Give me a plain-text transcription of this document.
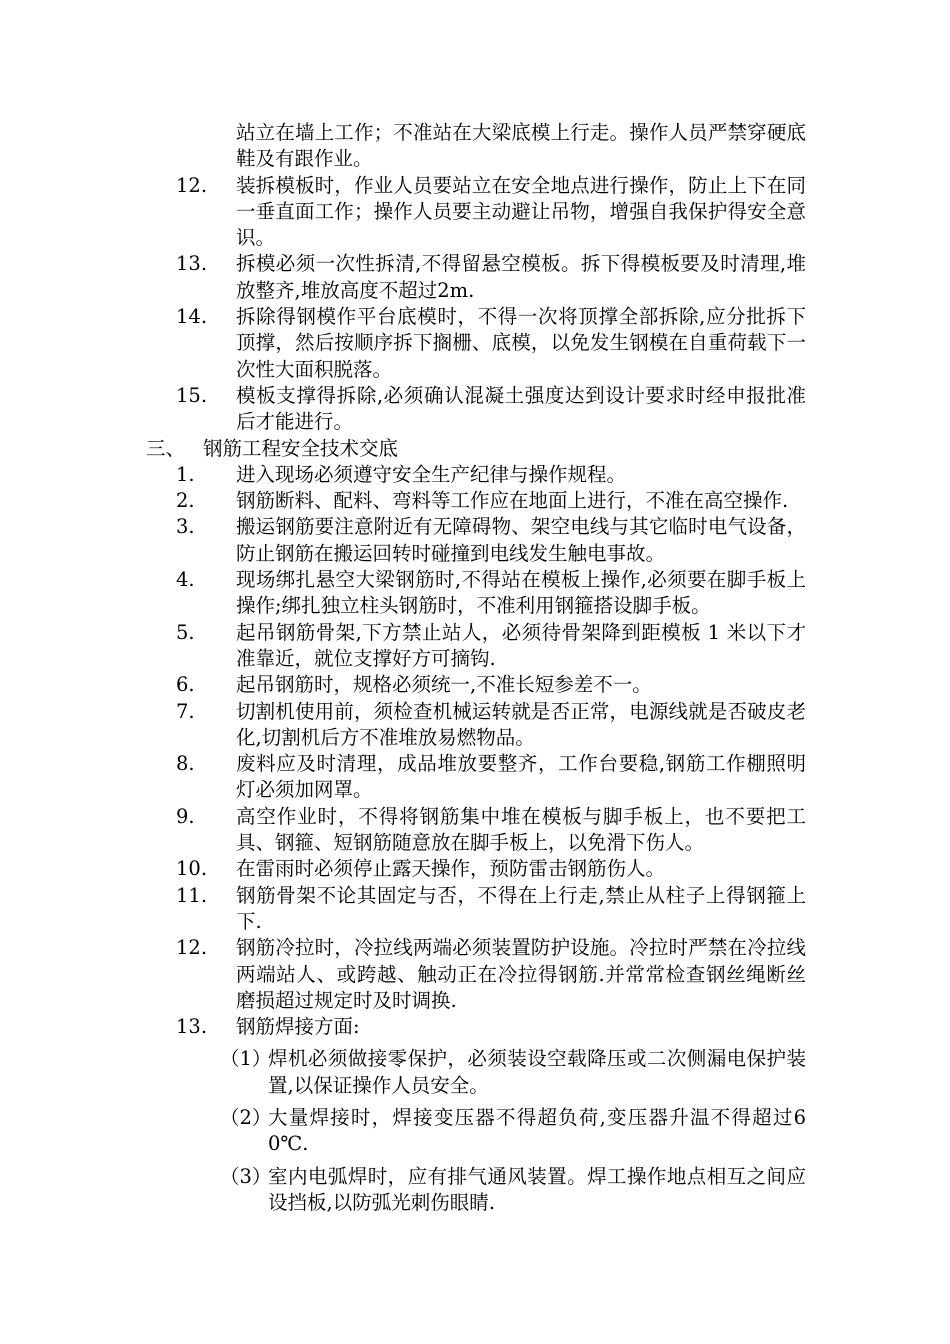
站立在墙上工作；不准站在大梁底模上行走。操作人员严禁穿硬底鞋及有跟作业。
12. 装拆模板时，作业人员要站立在安全地点进行操作，防止上下在同一垂直面工作；操作人员要主动避让吊物，增强自我保护得安全意识。
13. 拆模必须一次性拆清,不得留悬空模板。拆下得模板要及时清理,堆放整齐,堆放高度不超过2m.
14. 拆除得钢模作平台底模时，不得一次将顶撑全部拆除,应分批拆下顶撑，然后按顺序拆下搁栅、底模，以免发生钢模在自重荷载下一次性大面积脱落。
15. 模板支撑得拆除,必须确认混凝土强度达到设计要求时经申报批准后才能进行。
三、 钢筋工程安全技术交底
1. 进入现场必须遵守安全生产纪律与操作规程。
2. 钢筋断料、配料、弯料等工作应在地面上进行，不准在高空操作.
3. 搬运钢筋要注意附近有无障碍物、架空电线与其它临时电气设备，防止钢筋在搬运回转时碰撞到电线发生触电事故。
4. 现场绑扎悬空大梁钢筋时,不得站在模板上操作,必须要在脚手板上操作;绑扎独立柱头钢筋时，不准利用钢箍搭设脚手板。
5. 起吊钢筋骨架,下方禁止站人，必须待骨架降到距模板 1 米以下才准靠近，就位支撑好方可摘钩.
6. 起吊钢筋时，规格必须统一,不准长短参差不一。
7. 切割机使用前，须检查机械运转就是否正常，电源线就是否破皮老化,切割机后方不准堆放易燃物品。
8. 废料应及时清理，成品堆放要整齐，工作台要稳,钢筋工作棚照明灯必须加网罩。
9. 高空作业时，不得将钢筋集中堆在模板与脚手板上，也不要把工具、钢箍、短钢筋随意放在脚手板上，以免滑下伤人。
10. 在雷雨时必须停止露天操作，预防雷击钢筋伤人。
11. 钢筋骨架不论其固定与否，不得在上行走,禁止从柱子上得钢箍上下.
12. 钢筋冷拉时，冷拉线两端必须装置防护设施。冷拉时严禁在冷拉线两端站人、或跨越、触动正在冷拉得钢筋.并常常检查钢丝绳断丝磨损超过规定时及时调换.
13. 钢筋焊接方面:
（1）
焊机必须做接零保护，必须装设空载降压或二次侧漏电保护装置,以保证操作人员安全。
（2）
大量焊接时，焊接变压器不得超负荷,变压器升温不得超过60℃.
（3）
室内电弧焊时，应有排气通风装置。焊工操作地点相互之间应设挡板,以防弧光刺伤眼睛.
